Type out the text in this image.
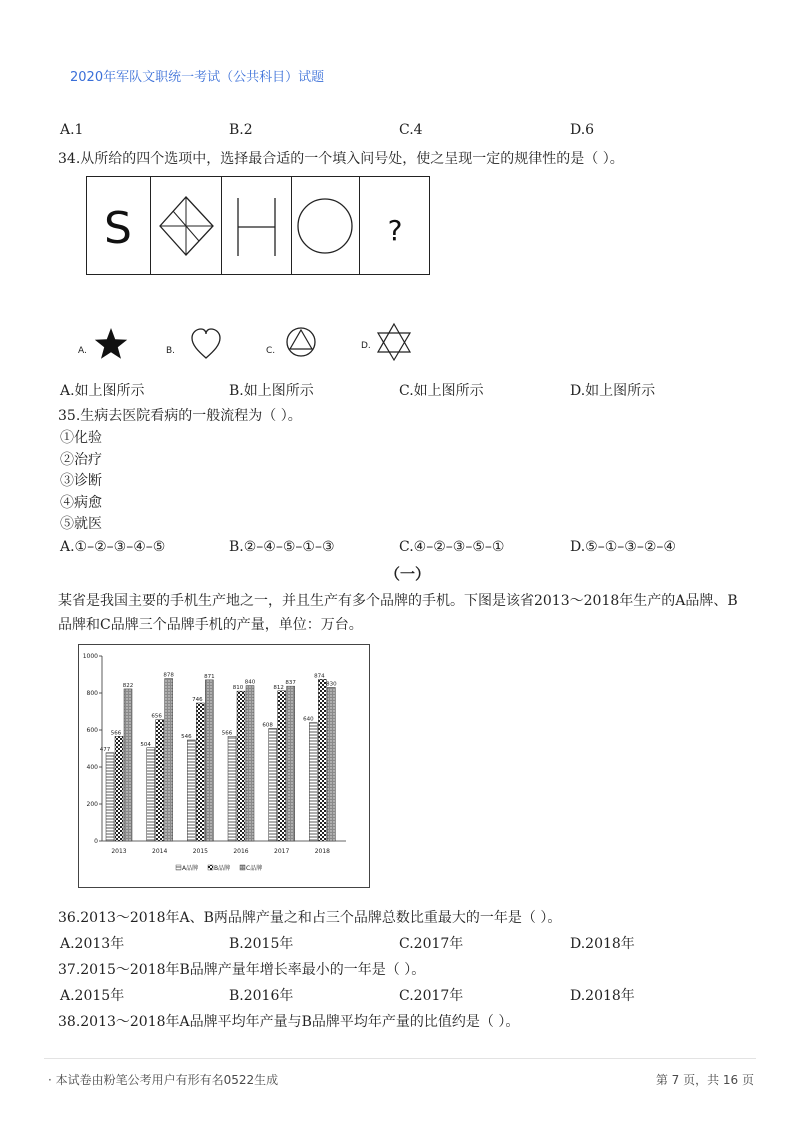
2020年军队文职统一考试（公共科目）试题
A.1	B.2	C.4	D.6
34.从所给的四个选项中，选择最合适的一个填入问号处，使之呈现一定的规律性的是（ ）。
S	?
A.	B.	C.	D.
A.如上图所示	B.如上图所示	C.如上图所示	D.如上图所示
35.生病去医院看病的一般流程为（ ）。
①化验
②治疗
③诊断
④病愈
⑤就医
A.①–②–③–④–⑤	B.②–④–⑤–①–③	C.④–②–③–⑤–①	D.⑤–①–③–②–④
（一）
某省是我国主要的手机生产地之一，并且生产有多个品牌的手机。下图是该省2013～2018年生产的A品牌、B品牌和C品牌三个品牌手机的产量，单位：万台。
0
200
400
600
800
1000
477
566
822
2013
504
656
878
2014
546
746
871
2015
566
810
840
2016
608
812
837
2017
640
874
830
2018
A品牌	B品牌	C品牌
36.2013～2018年A、B两品牌产量之和占三个品牌总数比重最大的一年是（ ）。
A.2013年	B.2015年	C.2017年	D.2018年
37.2015～2018年B品牌产量年增长率最小的一年是（ ）。
A.2015年	B.2016年	C.2017年	D.2018年
38.2013～2018年A品牌平均年产量与B品牌平均年产量的比值约是（ ）。
· 本试卷由粉笔公考用户有形有名0522生成	第 7 页，共 16 页
